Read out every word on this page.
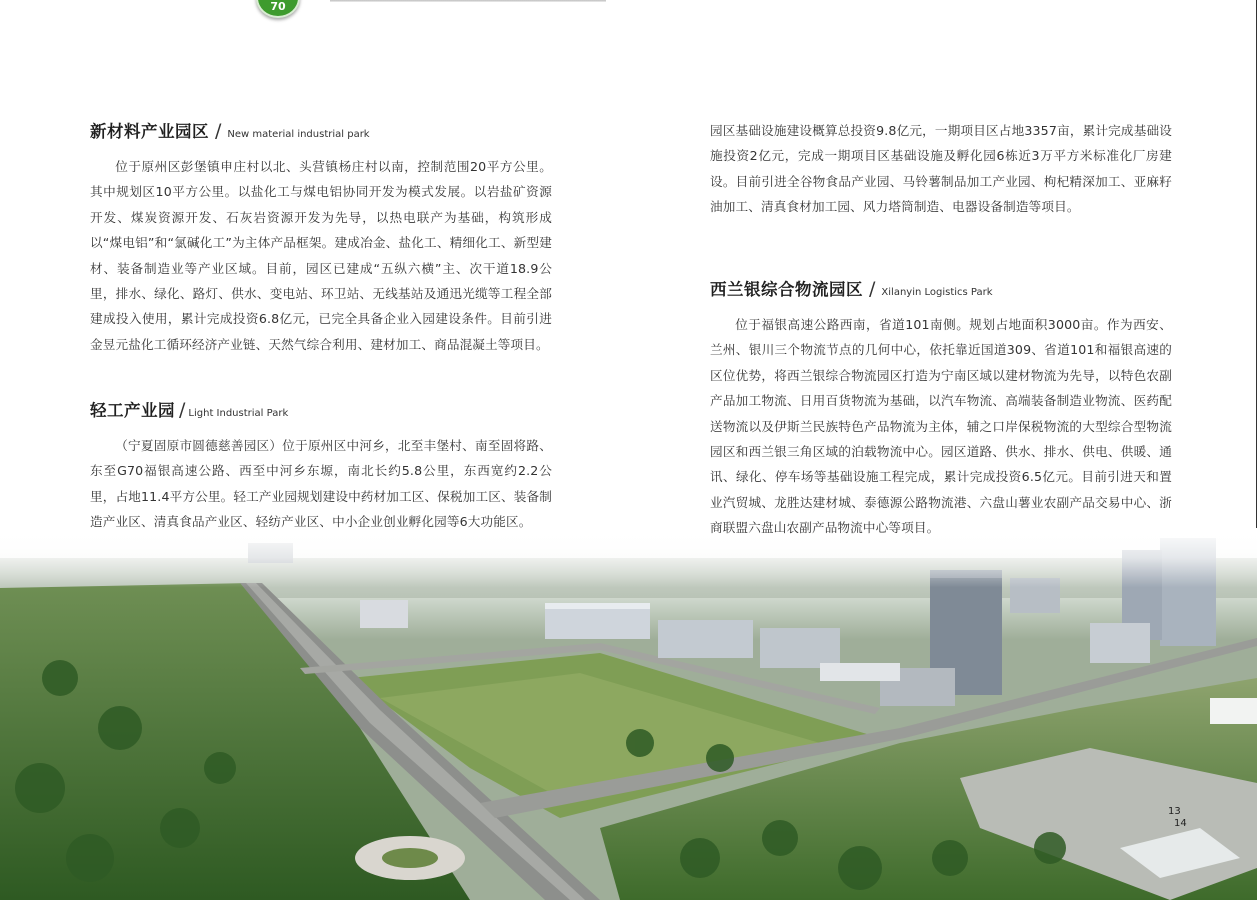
70
新材料产业园区 / New material industrial park

位于原州区彭堡镇申庄村以北、头营镇杨庄村以南，控制范围20平方公里。其中规划区10平方公里。以盐化工与煤电铝协同开发为模式发展。以岩盐矿资源开发、煤炭资源开发、石灰岩资源开发为先导，以热电联产为基础，构筑形成以“煤电铝”和“氯碱化工”为主体产品框架。建成冶金、盐化工、精细化工、新型建材、装备制造业等产业区域。目前，园区已建成“五纵六横”主、次干道18.9公里，排水、绿化、路灯、供水、变电站、环卫站、无线基站及通迅光缆等工程全部建成投入使用，累计完成投资6.8亿元，已完全具备企业入园建设条件。目前引进金昱元盐化工循环经济产业链、天然气综合利用、建材加工、商品混凝土等项目。

轻工产业园 / Light Industrial Park

（宁夏固原市圆德慈善园区）位于原州区中河乡，北至丰堡村、南至固将路、东至G70福银高速公路、西至中河乡东塬，南北长约5.8公里，东西宽约2.2公里，占地11.4平方公里。轻工产业园规划建设中药材加工区、保税加工区、装备制造产业区、清真食品产业区、轻纺产业区、中小企业创业孵化园等6大功能区。

园区基础设施建设概算总投资9.8亿元，一期项目区占地3357亩，累计完成基础设施投资2亿元，完成一期项目区基础设施及孵化园6栋近3万平方米标准化厂房建设。目前引进全谷物食品产业园、马铃薯制品加工产业园、枸杞精深加工、亚麻籽油加工、清真食材加工园、风力塔筒制造、电器设备制造等项目。

西兰银综合物流园区 / Xilanyin Logistics Park

位于福银高速公路西南，省道101南侧。规划占地面积3000亩。作为西安、兰州、银川三个物流节点的几何中心，依托靠近国道309、省道101和福银高速的区位优势，将西兰银综合物流园区打造为宁南区域以建材物流为先导，以特色农副产品加工物流、日用百货物流为基础，以汽车物流、高端装备制造业物流、医药配送物流以及伊斯兰民族特色产品物流为主体，辅之口岸保税物流的大型综合型物流园区和西兰银三角区域的泊载物流中心。园区道路、供水、排水、供电、供暖、通讯、绿化、停车场等基础设施工程完成，累计完成投资6.5亿元。目前引进天和置业汽贸城、龙胜达建材城、泰德源公路物流港、六盘山薯业农副产品交易中心、浙商联盟六盘山农副产品物流中心等项目。

13
14
